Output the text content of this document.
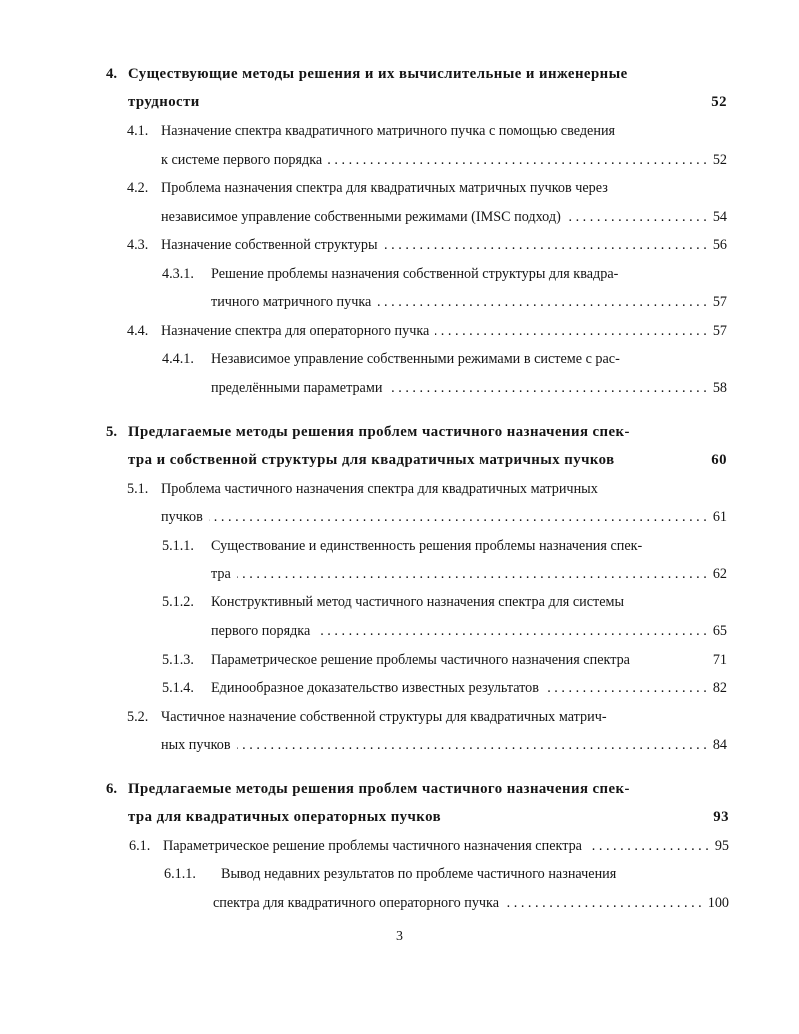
4. Существующие методы решения и их вычислительные и инженерные
трудности	52
4.1. Назначение спектра квадратичного матричного пучка с помощью сведения
к системе первого порядка . . .	52
4.2. Проблема назначения спектра для квадратичных матричных пучков через
независимое управление собственными режимами (IMSC подход) . . .	54
4.3. Назначение собственной структуры . . .	56
4.3.1. Решение проблемы назначения собственной структуры для квадра-
тичного матричного пучка . . .	57
4.4. Назначение спектра для операторного пучка . . .	57
4.4.1. Независимое управление собственными режимами в системе с рас-
пределёнными параметрами . . .	58
5. Предлагаемые методы решения проблем частичного назначения спек-
тра и собственной структуры для квадратичных матричных пучков	60
5.1. Проблема частичного назначения спектра для квадратичных матричных
пучков . . .	61
5.1.1. Существование и единственность решения проблемы назначения спек-
тра . . .	62
5.1.2. Конструктивный метод частичного назначения спектра для системы
первого порядка . . .	65
5.1.3. Параметрическое решение проблемы частичного назначения спектра	71
5.1.4. Единообразное доказательство известных результатов . . .	82
5.2. Частичное назначение собственной структуры для квадратичных матрич-
ных пучков . . .	84
6. Предлагаемые методы решения проблем частичного назначения спек-
тра для квадратичных операторных пучков	93
6.1. Параметрическое решение проблемы частичного назначения спектра . . .	95
6.1.1. Вывод недавних результатов по проблеме частичного назначения
спектра для квадратичного операторного пучка . . .	100
3
